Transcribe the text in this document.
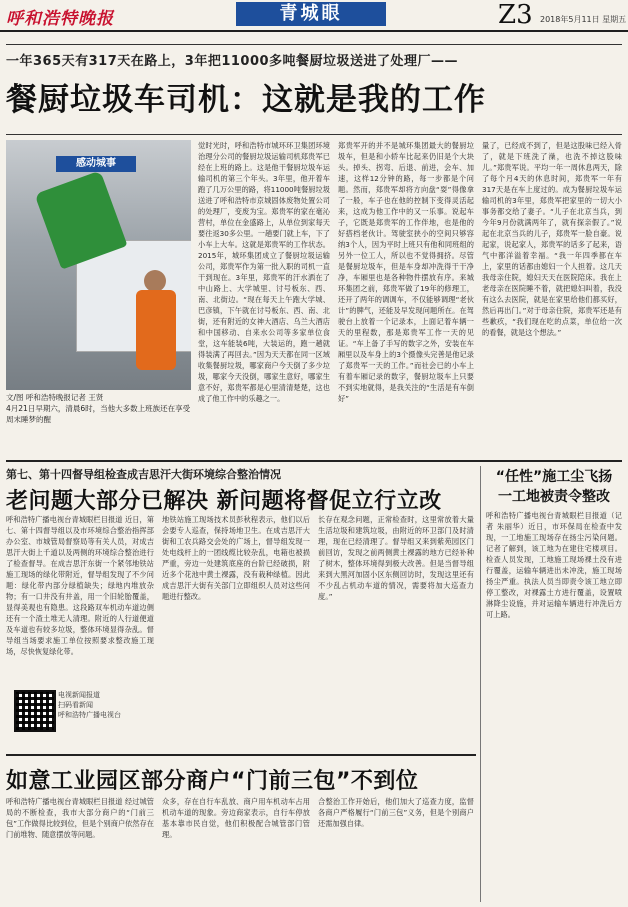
呼和浩特晚报	青城眼	Z3 2018年5月11日 星期五
一年365天有317天在路上，3年把11000多吨餐厨垃圾送进了处理厂——
餐厨垃圾车司机：这就是我的工作
感动城事
文/图 呼和浩特晚报记者 王贤
4月21日早期六，清晨6时，当他大多数上班族还在享受周末睡梦的醒
觉时光时，呼和浩特市城环环卫集团环境治理分公司的餐厨垃圾运输司机郑贵军已经在上班的路上。这是他干餐厨垃圾车运输司机的第三个年头。3年里，他开着车跑了几万公里的路，将11000吨餐厨垃圾送进了呼和浩特市京城固体废物处置公司的处理厂，变废为宝。郑贵军的家在毫沁营村，单位在金盛路上，从单位到家每天要往返30多公里。一趟要门就上车，下了小车上大车。这就是郑贵军的工作状态。2015年，城环集团成立了餐厨垃圾运输公司，郑贵军作为第一批入职的司机一直干到现在。3年里，郑贵军的汗水洒在了中山路上、大学城里、讨号板东、西、南、北街边。“现在每天上午跑大学城、巴彦镇，下午就在讨号板东、西、南、北街，还有附近的女神大酒店、乌兰大酒店和中国移动、自来水公司等多家单位食堂，这车能装6吨，大装运的，跑一趟就得装满了再回去。”因为天天都在同一区域收集餐厨垃圾，哪家商户今天倒了多少垃圾，哪家今天没倒，哪家生意好，哪家生意不好，郑贵军都是心里清清楚楚，这也成了他工作中的乐趣之一。
郑贵军开的并不是城环集团最大的餐厨垃圾车，但是和小轿车比起来仍旧是个大块头。掉头、拐弯、后退、前进，会车、加速，这样12分钟的路，每一步都是个问题。然而，郑贵军却将方向盘“耍”得像拿了一般，车子也在他的控制下变得灵活起来，这成为他工作中的又一乐事。说起车子，它既是郑贵军的工作伴地，也是他的好搭档老伙计。驾驶室狭小的空间只够容纳3个人，因为平时上班只有他和同班组的另外一位工人，所以也不觉得拥挤。尽管是餐厨垃圾车，但是车身却冲洗得干干净净，车厢里也是各种物件摆放有序。来城环集团之前，郑贵军做了19年的修理工，还开了两年的调调车，不仅能够调理“老伙计”的脾气，还能及早发现问题所在。在驾驶台上放着一个记录本，上面记着车辆一天的里程数，那是郑贵军工作一天的见证。“车上备了手写的数字之外，安装在车厢里以及车身上的3个摄像头完善是他记录了郑贵军一天的工作。”而社会已的小车上有着车厢记录的数字，餐厨垃圾车上只要不到实地就得，是我关注的“生活是有车倒好”
量了，已经成不到了，但是这股味已经入骨了，就是下班洗了澡，也洗不掉这股味儿。”郑贵军说。平均一年一周休息两天，除了每个月4天的休息时间，郑贵军一年有317天是在车上度过的。成为餐厨垃圾车运输司机的3年里，郑贵军把家里的一切大小事务都交给了妻子。“儿子在北京当兵，到今年9月份就满两年了，就有探亲假了。”说起在北京当兵的儿子，郑贵军一脸自豪。说起家，说起家人，郑贵军的话多了起来，语气中都洋溢着幸福。“我一年四季都在车上，家里的话都由媳妇一个人担着。这几天我母亲住院，媳妇天天在医院陪床。我在上老母亲在医院睡不着，就把媳妇叫着，我没有这么去医院，就是在家里给他们都买好，然后再出门。”对于母亲住院，郑贵军还是有些歉疚，“我们现在吃的点菜，单位给一次的看餐，就是这个想法。”
第七、第十四督导组检查成吉思汗大街环境综合整治情况
老问题大部分已解决 新问题将督促立行立改
呼和浩特广播电视台青城眼栏目报道 近日，第七、第十四督导组以及市环境综合整治指挥部办公室、市城管局督察局等有关人员，对成吉思汗大街上千道以及两侧的环境综合整治进行了检查督导。在成吉思汗东街一个紧邻地铁站施工现场的绿化带附近，督导组发现了不少问题：绿化带内部分绿植缺失；绿地内堆放杂物；有一口井没有井盖，用一个旧轮胎覆盖，显得美观也有隐患。这段路双车机动车道边侧还有一个渣土堆无人清理。附近的人行道便道及车道也有较多垃圾，整体环境显得杂乱。督导组当场要求施工单位按照要求整改施工现场，尽快恢复绿化带。
地铁站施工现场技术员彭秋程表示，他们以后会要专人巡查，保持场地卫生。在成吉思汗大街和工农兵路交会处的广场上，督导组发现一处电线杆上的一团线缆比较杂乱，电箱也被损严重，旁边一处建筑底座的台阶已经破损，附近多个花池中黄土裸露，没有栽种绿植。因此成吉思汗大街有关部门立即组织人员对这些问题进行整改。
长存在观念问题，正常检查时，这里常放着大量生活垃圾和建筑垃圾，由附近的环卫部门及时清理，现在已经清理了。督导组又来到紫苑园区门前回访，发现之前两侧黄土裸露的地方已经补种了树木，整体环境得到极大改善。但是当督导组来到大黑河加固小区东侧回访时，发现这里还有不少乱占机动车道的情况，需要将加大巡查力度。”
电视新闻报道
扫码看新闻
呼和浩特广播电视台
“任性”施工尘飞扬
一工地被责令整改
呼和浩特广播电视台青城眼栏目报道（记者 朱丽华）近日，市环保局在检查中发现，一工地施工现场存在扬尘污染问题。记者了解到，该工地为在建住宅楼项目。检查人员发现，工地施工现场裸土没有进行覆盖，运输车辆进出未冲洗，施工现场扬尘严重。执法人员当即责令该工地立即停工整改，对裸露土方进行覆盖，设置喷淋降尘设施，并对运输车辆进行冲洗后方可上路。
如意工业园区部分商户“门前三包”不到位
呼和浩特广播电视台青城眼栏目报道 经过城管局的不断检查，我市大部分商户的“门前三包”工作做得比较到位，但是个别商户依然存在门前堆物、随意摆放等问题。
众多，存在自行车乱放、商户用车机动车占用机动车道的现象。旁边商家表示，自行车停放基本靠市民自觉，他们积极配合城管部门管理。
合整治工作开始后，他们加大了巡查力度，监督各商户严格履行“门前三包”义务，但是个别商户还需加强自律。
